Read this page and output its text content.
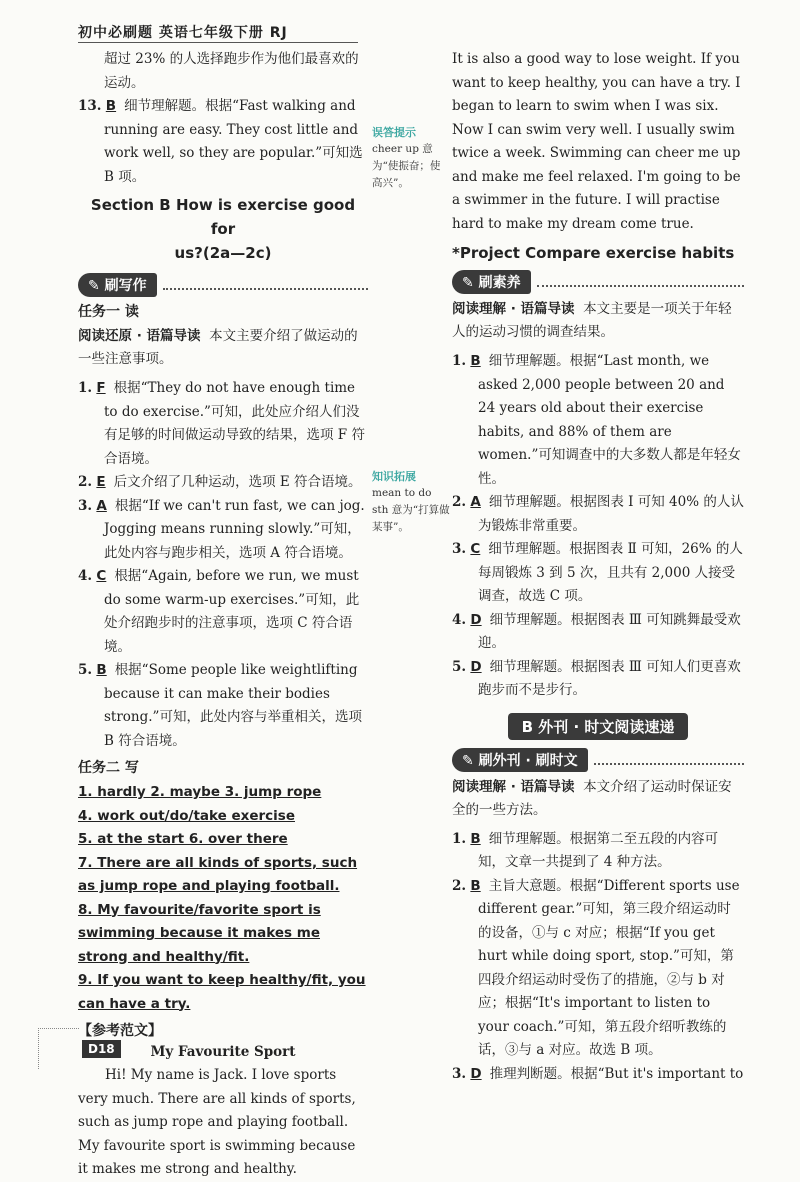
初中必刷题 英语七年级下册 RJ

超过 23% 的人选择跑步作为他们最喜欢的运动。

13. B 细节理解题。根据“Fast walking and running are easy. They cost little and work well, so they are popular.”可知选 B 项。

Section B How is exercise good for
us?(2a—2c)
✎ 刷写作
任务一 读

阅读还原 · 语篇导读 本文主要介绍了做运动的一些注意事项。

1. F 根据“They do not have enough time to do exercise.”可知，此处应介绍人们没有足够的时间做运动导致的结果，选项 F 符合语境。

2. E 后文介绍了几种运动，选项 E 符合语境。

3. A 根据“If we can't run fast, we can jog. Jogging means running slowly.”可知，此处内容与跑步相关，选项 A 符合语境。

4. C 根据“Again, before we run, we must do some warm-up exercises.”可知，此处介绍跑步时的注意事项，选项 C 符合语境。

5. B 根据“Some people like weightlifting because it can make their bodies strong.”可知，此处内容与举重相关，选项 B 符合语境。

任务二 写

1. hardly 2. maybe 3. jump rope

4. work out/do/take exercise

5. at the start 6. over there

7. There are all kinds of sports, such as jump rope and playing football.

8. My favourite/favorite sport is swimming because it makes me strong and healthy/fit.

9. If you want to keep healthy/fit, you can have a try.

【参考范文】
My Favourite Sport

Hi! My name is Jack. I love sports very much. There are all kinds of sports, such as jump rope and playing football. My favourite sport is swimming because it makes me strong and healthy.

误答提示
cheer up 意为“使振奋；使高兴”。
知识拓展
mean to do sth 意为“打算做某事”。

It is also a good way to lose weight. If you want to keep healthy, you can have a try. I began to learn to swim when I was six. Now I can swim very well. I usually swim twice a week. Swimming can cheer me up and make me feel relaxed. I'm going to be a swimmer in the future. I will practise hard to make my dream come true.

*Project Compare exercise habits
✎ 刷素养

阅读理解 · 语篇导读 本文主要是一项关于年轻人的运动习惯的调查结果。

1. B 细节理解题。根据“Last month, we asked 2,000 people between 20 and 24 years old about their exercise habits, and 88% of them are women.”可知调查中的大多数人都是年轻女性。

2. A 细节理解题。根据图表 Ⅰ 可知 40% 的人认为锻炼非常重要。

3. C 细节理解题。根据图表 Ⅱ 可知，26% 的人每周锻炼 3 到 5 次，且共有 2,000 人接受调查，故选 C 项。

4. D 细节理解题。根据图表 Ⅲ 可知跳舞最受欢迎。

5. D 细节理解题。根据图表 Ⅲ 可知人们更喜欢跑步而不是步行。

B 外刊 · 时文阅读速递
✎ 刷外刊 · 刷时文

阅读理解 · 语篇导读 本文介绍了运动时保证安全的一些方法。

1. B 细节理解题。根据第二至五段的内容可知，文章一共提到了 4 种方法。

2. B 主旨大意题。根据“Different sports use different gear.”可知，第三段介绍运动时的设备，①与 c 对应；根据“If you get hurt while doing sport, stop.”可知，第四段介绍运动时受伤了的措施，②与 b 对应；根据“It's important to listen to your coach.”可知，第五段介绍听教练的话，③与 a 对应。故选 B 项。

3. D 推理判断题。根据“But it's important to

D18
